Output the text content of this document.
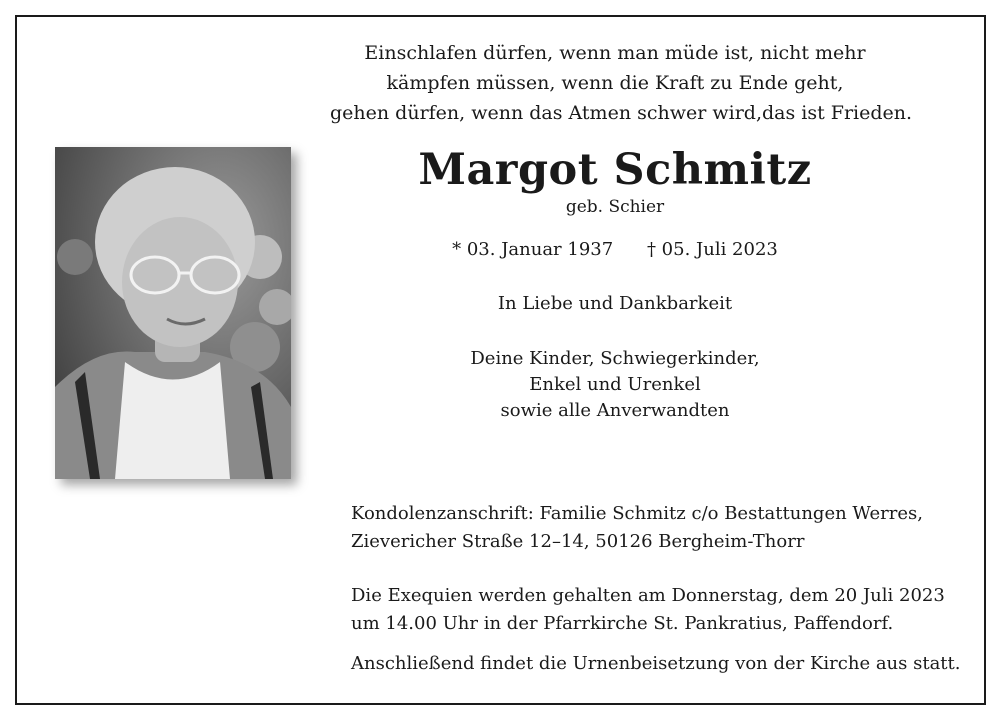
Einschlafen dürfen, wenn man müde ist, nicht mehr
kämpfen müssen, wenn die Kraft zu Ende geht,
gehen dürfen, wenn das Atmen schwer wird,das ist Frieden.
Margot Schmitz
geb. Schier
* 03. Januar 1937 † 05. Juli 2023
In Liebe und Dankbarkeit
Deine Kinder, Schwiegerkinder,
Enkel und Urenkel
sowie alle Anverwandten
Kondolenzanschrift: Familie Schmitz c/o Bestattungen Werres,
Zievericher Straße 12–14, 50126 Bergheim-Thorr
Die Exequien werden gehalten am Donnerstag, dem 20 Juli 2023
um 14.00 Uhr in der Pfarrkirche St. Pankratius, Paffendorf.
Anschließend findet die Urnenbeisetzung von der Kirche aus statt.
